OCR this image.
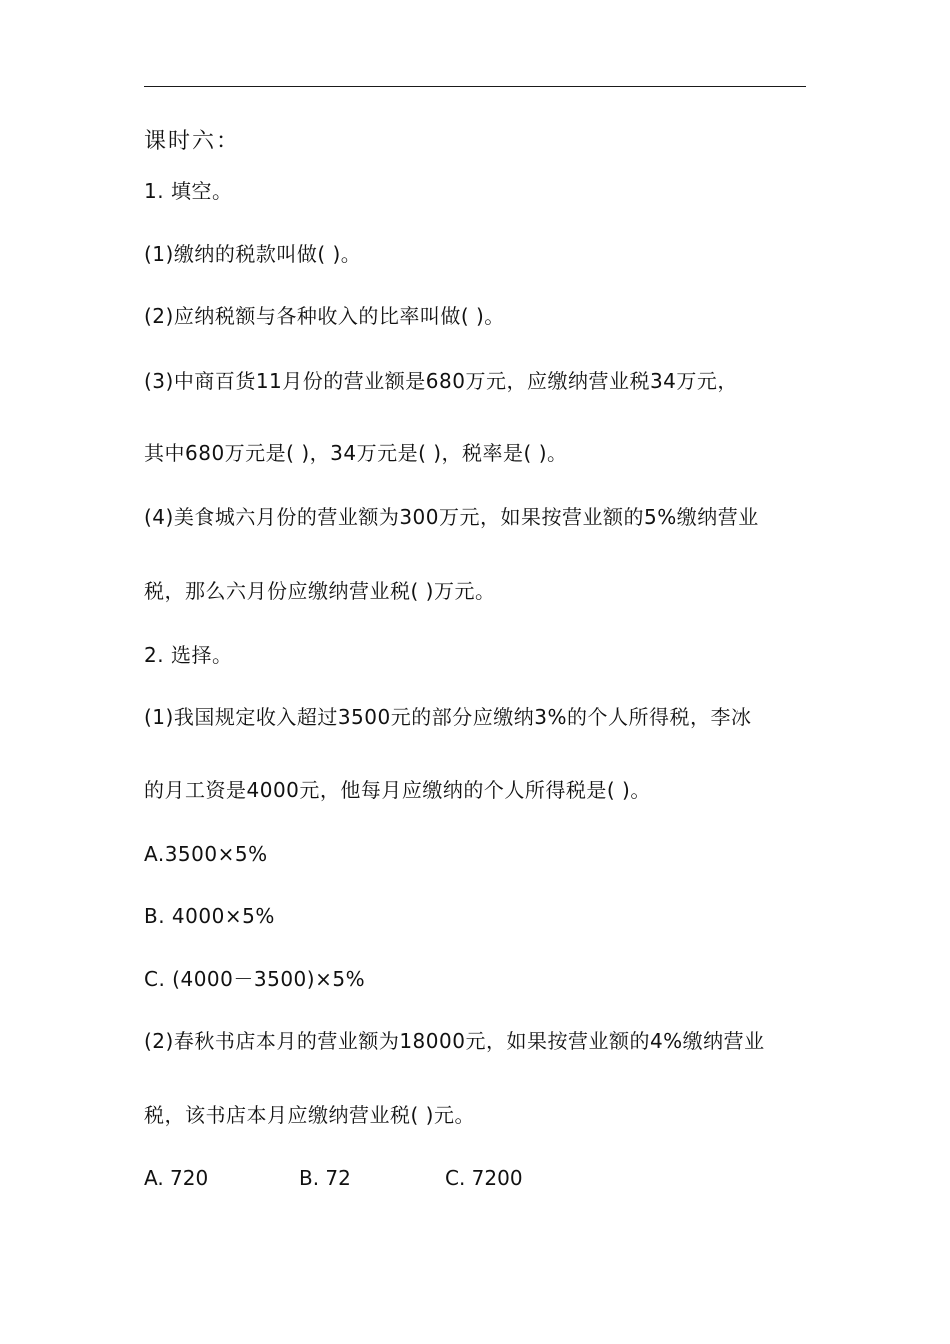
课时六：
1. 填空。
(1)缴纳的税款叫做( )。
(2)应纳税额与各种收入的比率叫做( )。
(3)中商百货11月份的营业额是680万元，应缴纳营业税34万元，
其中680万元是( )，34万元是( )，税率是( )。
(4)美食城六月份的营业额为300万元，如果按营业额的5%缴纳营业
税，那么六月份应缴纳营业税( )万元。
2. 选择。
(1)我国规定收入超过3500元的部分应缴纳3%的个人所得税，李冰
的月工资是4000元，他每月应缴纳的个人所得税是( )。
A.3500×5%
B. 4000×5%
C. (4000－3500)×5%
(2)春秋书店本月的营业额为18000元，如果按营业额的4%缴纳营业
税，该书店本月应缴纳营业税( )元。
A. 720	B. 72	C. 7200
